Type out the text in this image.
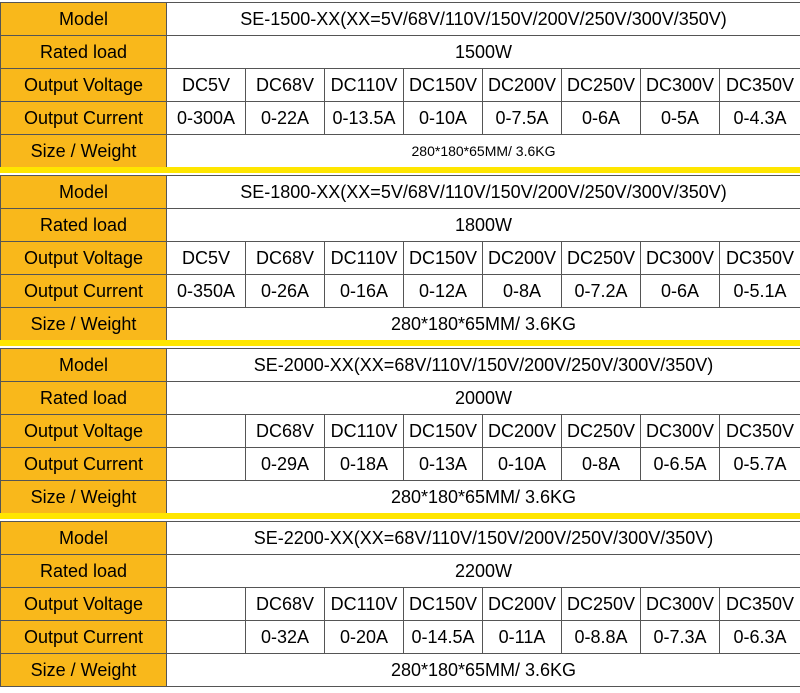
Model	SE-1500-XX(XX=5V/68V/110V/150V/200V/250V/300V/350V)							
Rated load	1500W							
Output Voltage	DC5V	DC68V	DC110V	DC150V	DC200V	DC250V	DC300V	DC350V
Output Current	0-300A	0-22A	0-13.5A	0-10A	0-7.5A	0-6A	0-5A	0-4.3A
Size / Weight	280*180*65MM/ 3.6KG							
Model	SE-1800-XX(XX=5V/68V/110V/150V/200V/250V/300V/350V)							
Rated load	1800W							
Output Voltage	DC5V	DC68V	DC110V	DC150V	DC200V	DC250V	DC300V	DC350V
Output Current	0-350A	0-26A	0-16A	0-12A	0-8A	0-7.2A	0-6A	0-5.1A
Size / Weight	280*180*65MM/ 3.6KG							
Model	SE-2000-XX(XX=68V/110V/150V/200V/250V/300V/350V)							
Rated load	2000W							
Output Voltage		DC68V	DC110V	DC150V	DC200V	DC250V	DC300V	DC350V
Output Current		0-29A	0-18A	0-13A	0-10A	0-8A	0-6.5A	0-5.7A
Size / Weight	280*180*65MM/ 3.6KG							
Model	SE-2200-XX(XX=68V/110V/150V/200V/250V/300V/350V)							
Rated load	2200W							
Output Voltage		DC68V	DC110V	DC150V	DC200V	DC250V	DC300V	DC350V
Output Current		0-32A	0-20A	0-14.5A	0-11A	0-8.8A	0-7.3A	0-6.3A
Size / Weight	280*180*65MM/ 3.6KG							
